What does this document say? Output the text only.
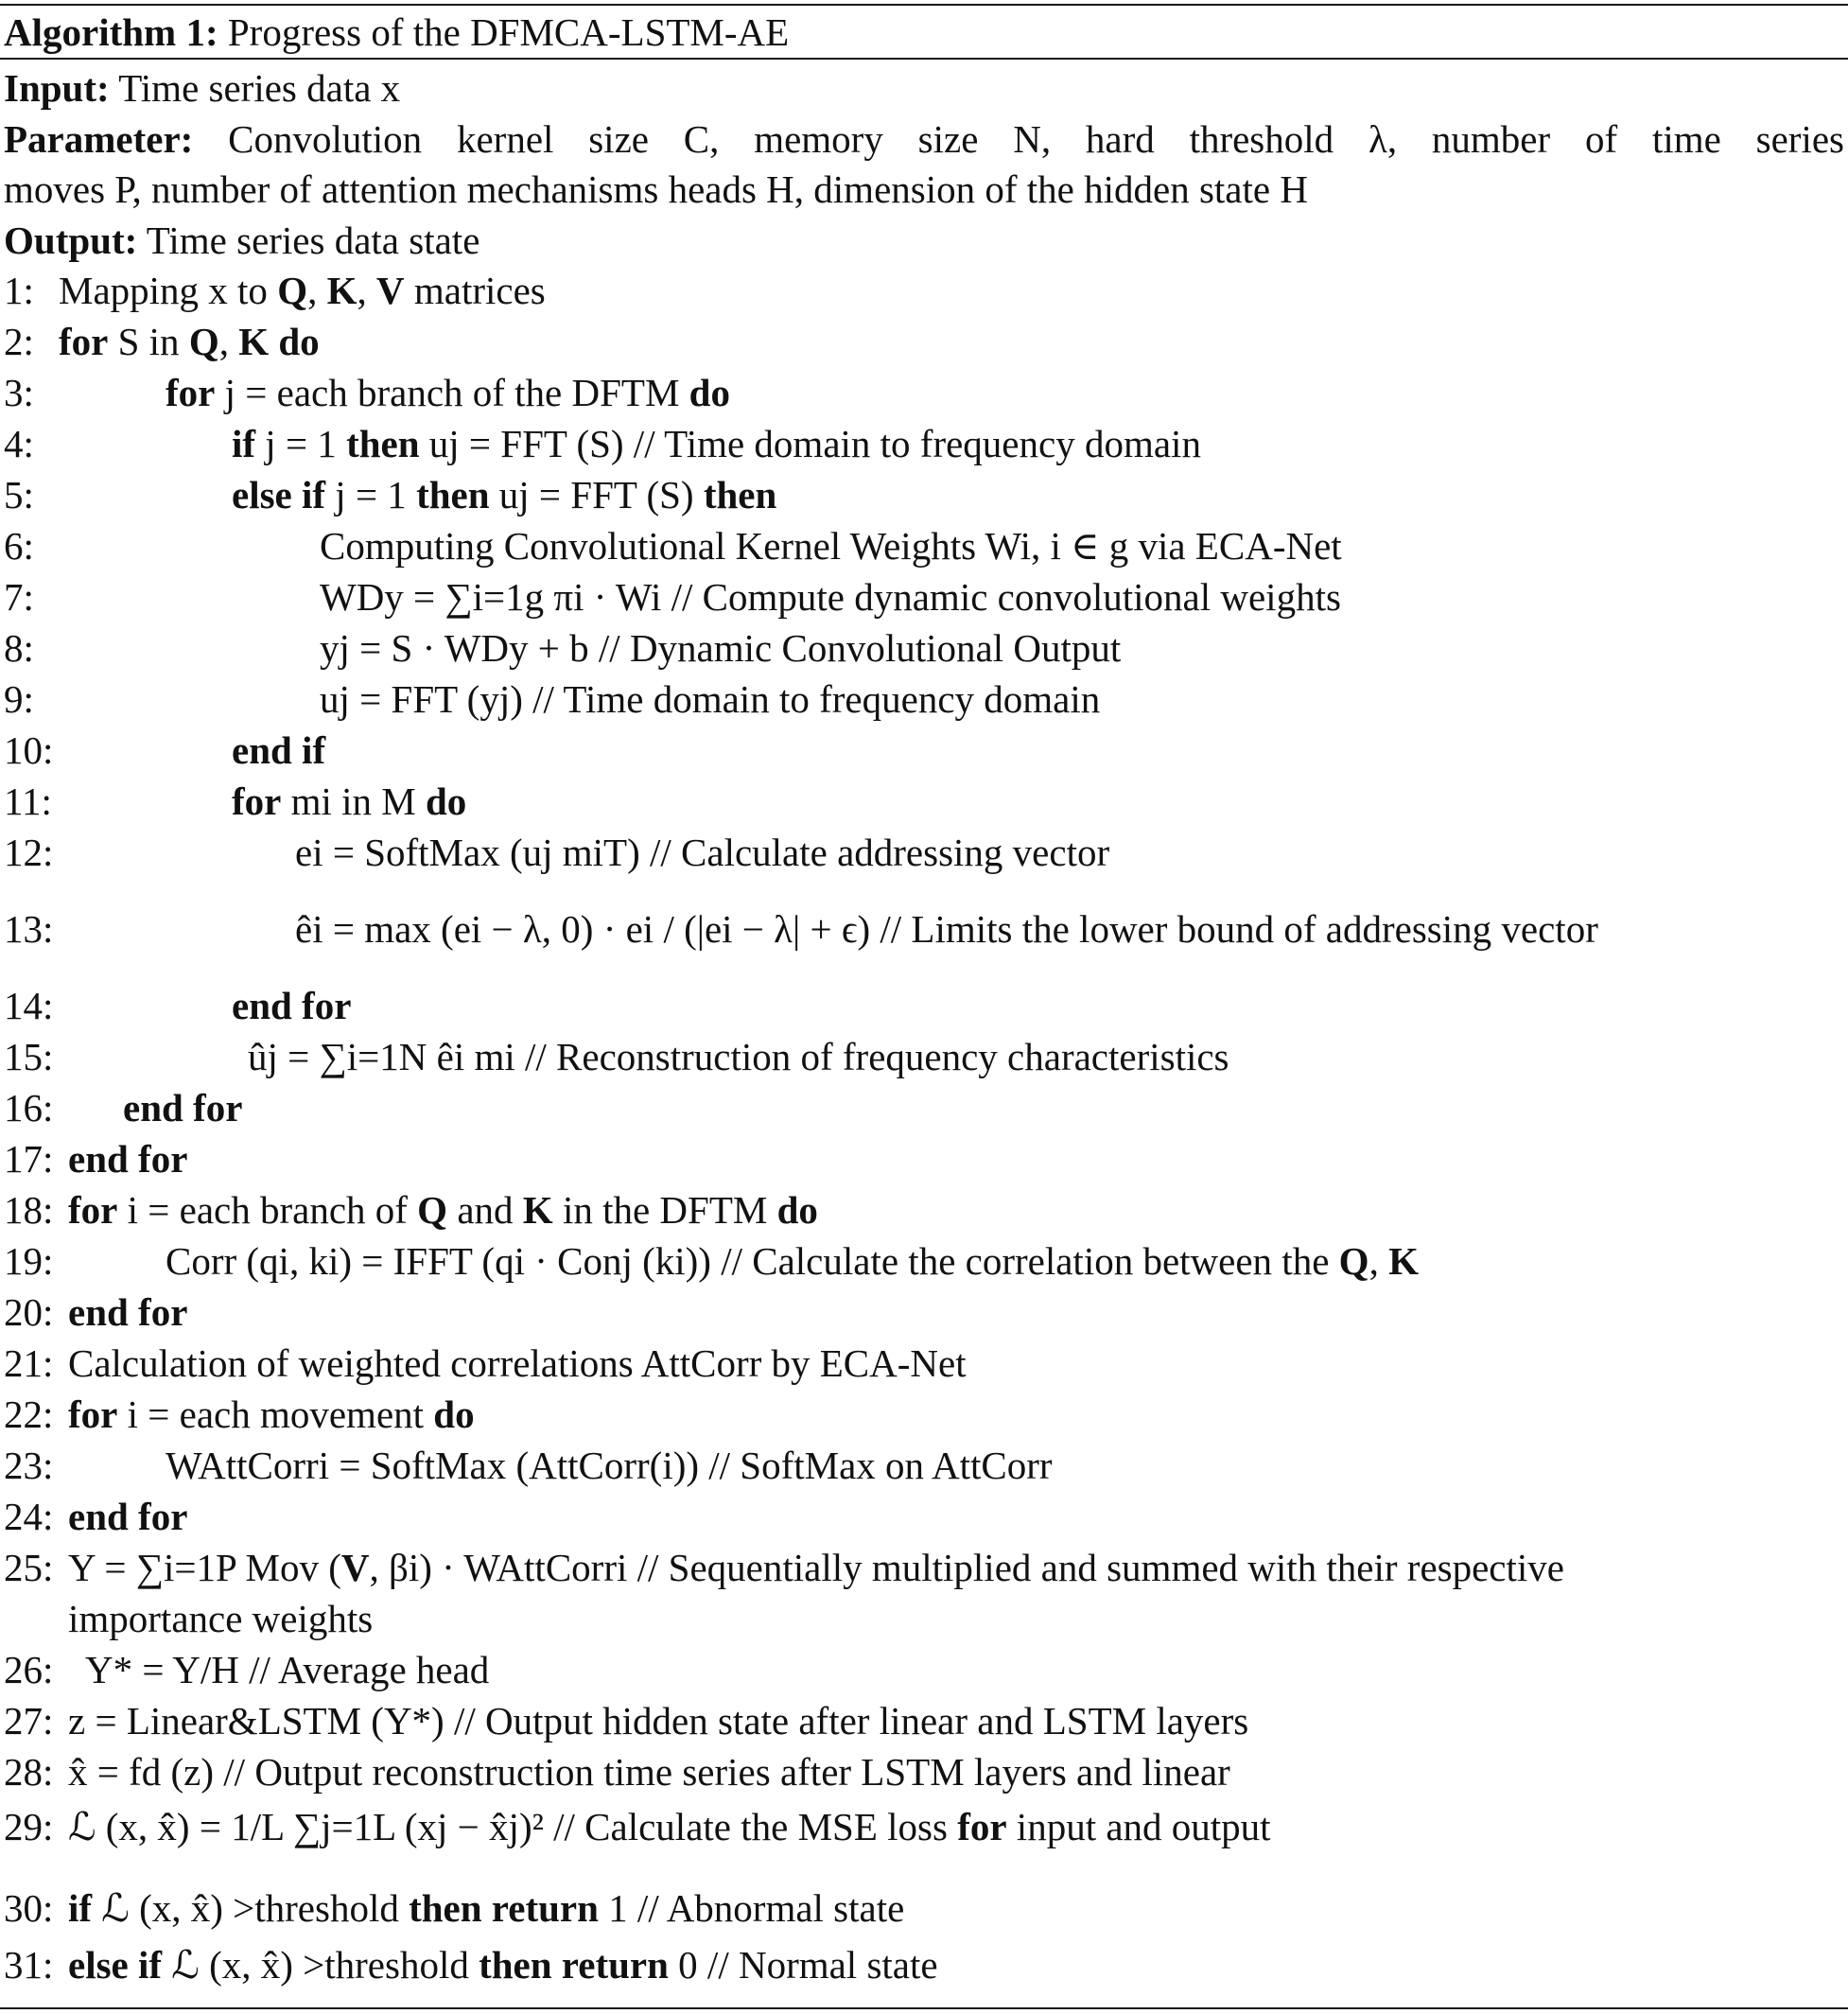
Algorithm 1: Progress of the DFMCA-LSTM-AE
Input: Time series data x
Parameter: Convolution kernel size C, memory size N, hard threshold λ, number of time series
moves P, number of attention mechanisms heads H, dimension of the hidden state H
Output: Time series data state
1: Mapping x to Q, K, V matrices
2: for S in Q, K do
3:	for j = each branch of the DFTM do
4:	if j = 1 then uj = FFT (S) // Time domain to frequency domain
5:	else if j = 1 then uj = FFT (S) then
6:	Computing Convolutional Kernel Weights Wi, i ∈ g via ECA-Net
7:	WDy = ∑i=1g πi · Wi // Compute dynamic convolutional weights
8:	yj = S · WDy + b // Dynamic Convolutional Output
9:	uj = FFT (yj) // Time domain to frequency domain
10:	end if
11:	for mi in M do
12:	ei = SoftMax (uj miT) // Calculate addressing vector
13:	êi = max (ei − λ, 0) · ei / (|ei − λ| + ϵ) // Limits the lower bound of addressing vector
14:	end for
15:	ûj = ∑i=1N êi mi // Reconstruction of frequency characteristics
16: end for
17: end for
18: for i = each branch of Q and K in the DFTM do
19:	Corr (qi, ki) = IFFT (qi · Conj (ki)) // Calculate the correlation between the Q, K
20: end for
21: Calculation of weighted correlations AttCorr by ECA-Net
22: for i = each movement do
23:	WAttCorri = SoftMax (AttCorr(i)) // SoftMax on AttCorr
24: end for
25: Y = ∑i=1P Mov (V, βi) · WAttCorri // Sequentially multiplied and summed with their respective
importance weights
26: Y* = Y/H // Average head
27: z = Linear&LSTM (Y*) // Output hidden state after linear and LSTM layers
28: x̂ = fd (z) // Output reconstruction time series after LSTM layers and linear
29: ℒ (x, x̂) = 1/L ∑j=1L (xj − x̂j)² // Calculate the MSE loss for input and output
30: if ℒ (x, x̂) >threshold then return 1 // Abnormal state
31: else if ℒ (x, x̂) >threshold then return 0 // Normal state
